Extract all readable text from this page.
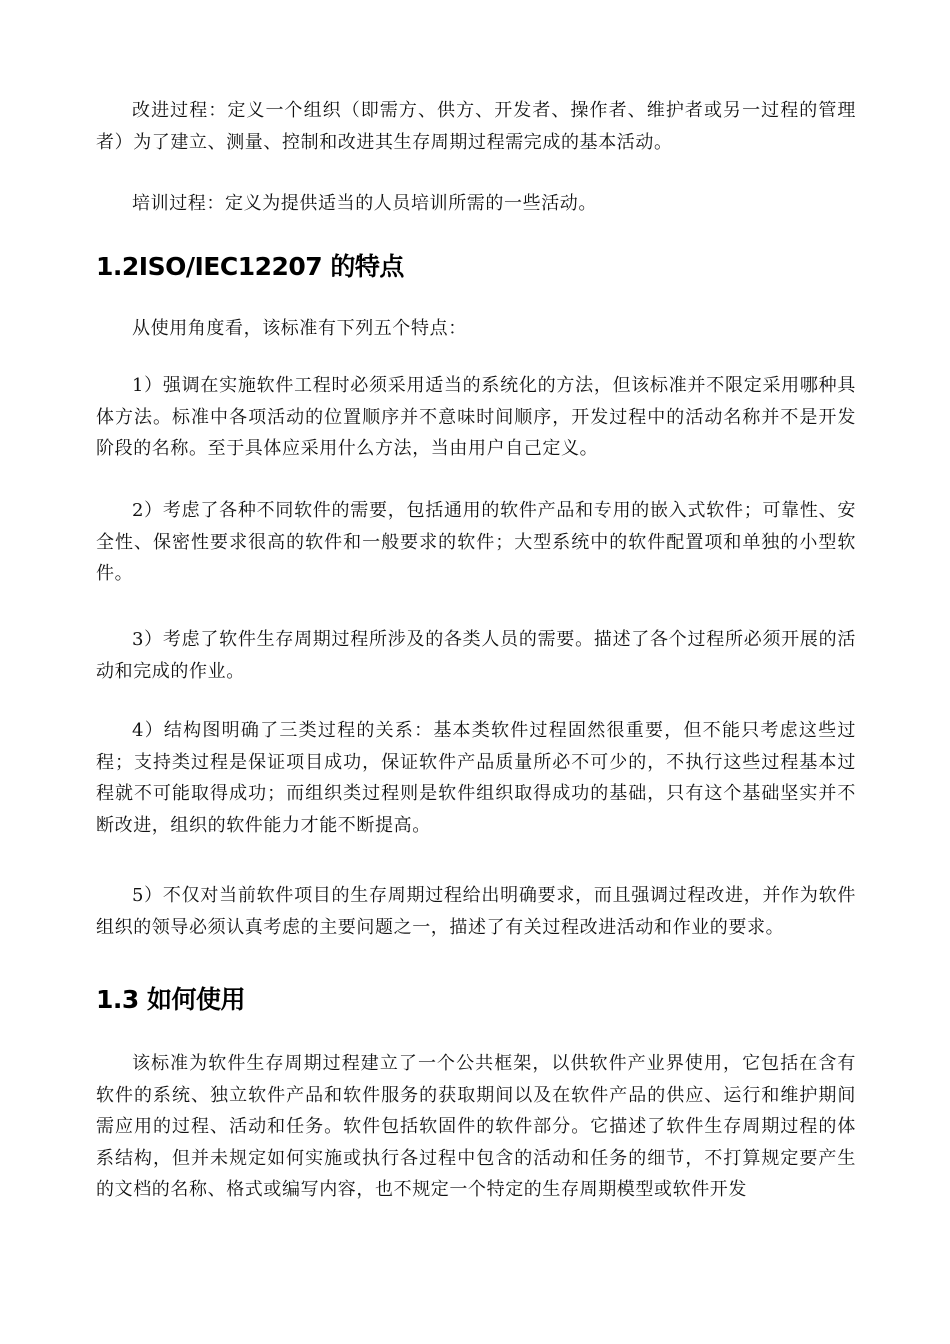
改进过程：定义一个组织（即需方、供方、开发者、操作者、维护者或另一过程的管理者）为了建立、测量、控制和改进其生存周期过程需完成的基本活动。

培训过程：定义为提供适当的人员培训所需的一些活动。

1.2ISO/IEC12207 的特点

从使用角度看，该标准有下列五个特点：

1）强调在实施软件工程时必须采用适当的系统化的方法，但该标准并不限定采用哪种具体方法。标准中各项活动的位置顺序并不意味时间顺序，开发过程中的活动名称并不是开发阶段的名称。至于具体应采用什么方法，当由用户自己定义。

2）考虑了各种不同软件的需要，包括通用的软件产品和专用的嵌入式软件；可靠性、安全性、保密性要求很高的软件和一般要求的软件；大型系统中的软件配置项和单独的小型软件。

3）考虑了软件生存周期过程所涉及的各类人员的需要。描述了各个过程所必须开展的活动和完成的作业。

4）结构图明确了三类过程的关系：基本类软件过程固然很重要，但不能只考虑这些过程；支持类过程是保证项目成功，保证软件产品质量所必不可少的，不执行这些过程基本过程就不可能取得成功；而组织类过程则是软件组织取得成功的基础，只有这个基础坚实并不断改进，组织的软件能力才能不断提高。

5）不仅对当前软件项目的生存周期过程给出明确要求，而且强调过程改进，并作为软件组织的领导必须认真考虑的主要问题之一，描述了有关过程改进活动和作业的要求。

1.3 如何使用

该标准为软件生存周期过程建立了一个公共框架，以供软件产业界使用，它包括在含有软件的系统、独立软件产品和软件服务的获取期间以及在软件产品的供应、运行和维护期间需应用的过程、活动和任务。软件包括软固件的软件部分。它描述了软件生存周期过程的体系结构，但并未规定如何实施或执行各过程中包含的活动和任务的细节，不打算规定要产生的文档的名称、格式或编写内容，也不规定一个特定的生存周期模型或软件开发
